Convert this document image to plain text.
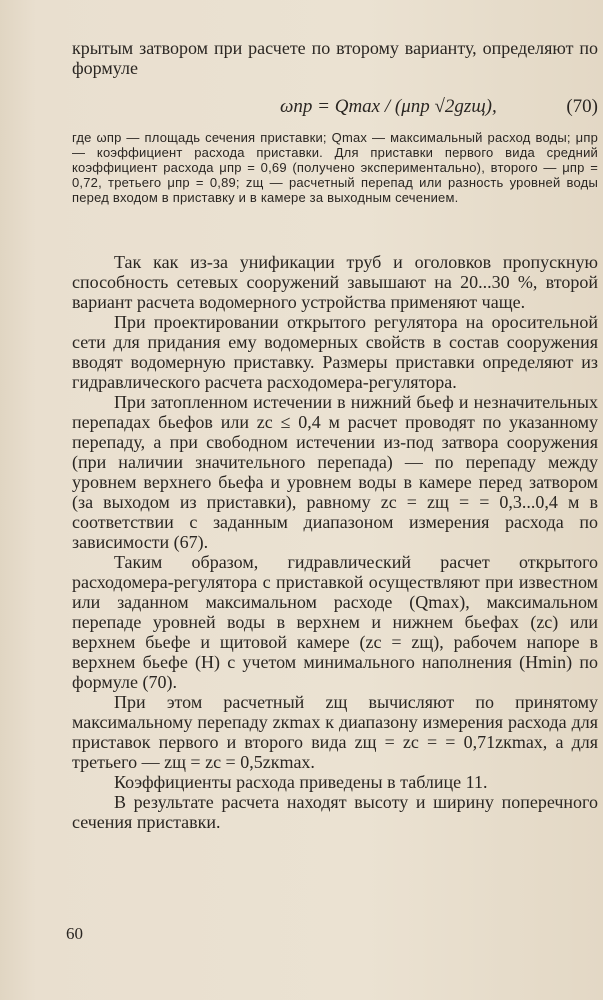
крытым затвором при расчете по второму варианту, определяют по формуле
ωпр = Qmax / (μпр √2gzщ),	(70)
где ωпр — площадь сечения приставки; Qmax — максимальный расход воды; μпр — коэффициент расхода приставки. Для приставки первого вида средний коэффициент расхода μпр = 0,69 (получено экспериментально), второго — μпр = 0,72, третьего μпр = 0,89; zщ — расчетный перепад или разность уровней воды перед входом в приставку и в камере за выходным сечением.

Так как из-за унификации труб и оголовков пропускную способность сетевых сооружений завышают на 20...30 %, второй вариант расчета водомерного устройства применяют чаще.

При проектировании открытого регулятора на оросительной сети для придания ему водомерных свойств в состав сооружения вводят водомерную приставку. Размеры приставки определяют из гидравлического расчета расходомера-регулятора.

При затопленном истечении в нижний бьеф и незначительных перепадах бьефов или zс ≤ 0,4 м расчет проводят по указанному перепаду, а при свободном истечении из-под затвора сооружения (при наличии значительного перепада) — по перепаду между уровнем верхнего бьефа и уровнем воды в камере перед затвором (за выходом из приставки), равному zс = zщ = = 0,3...0,4 м в соответствии с заданным диапазоном измерения расхода по зависимости (67).

Таким образом, гидравлический расчет открытого расходомера-регулятора с приставкой осуществляют при известном или заданном максимальном расходе (Qmax), максимальном перепаде уровней воды в верхнем и нижнем бьефах (zс) или верхнем бьефе и щитовой камере (zс = zщ), рабочем напоре в верхнем бьефе (H) с учетом минимального наполнения (Hmin) по формуле (70).

При этом расчетный zщ вычисляют по принятому максимальному перепаду zкmax к диапазону измерения расхода для приставок первого и второго вида zщ = zс = = 0,71zкmax, а для третьего — zщ = zс = 0,5zкmax.

Коэффициенты расхода приведены в таблице 11.

В результате расчета находят высоту и ширину поперечного сечения приставки.

60
